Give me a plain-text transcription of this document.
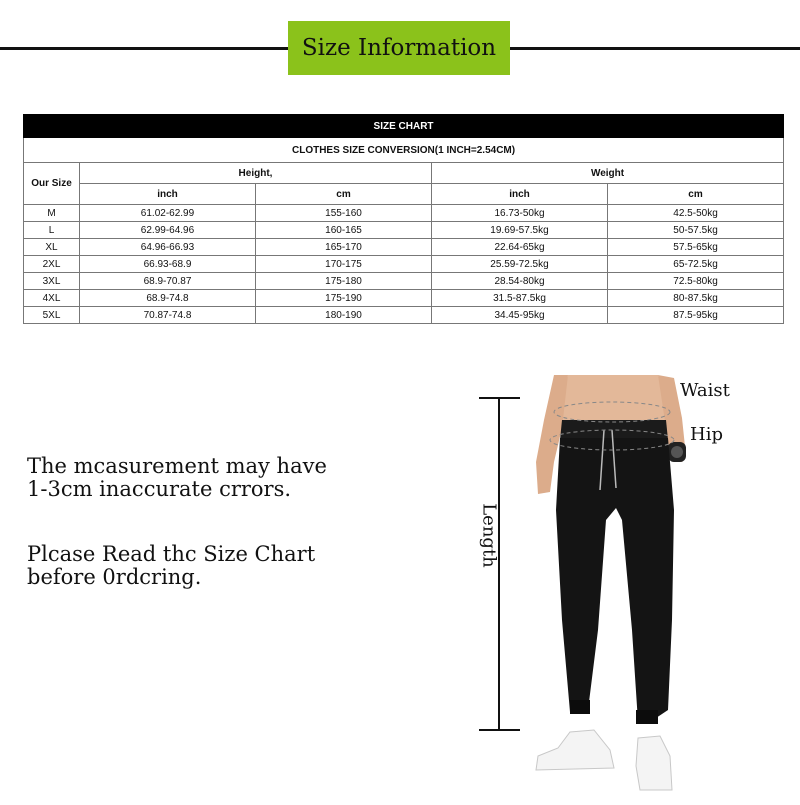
Size Information
SIZE CHART				
CLOTHES SIZE CONVERSION(1 INCH=2.54CM)				
Our Size	Height,		Weight	
	inch	cm	inch	cm
M	61.02-62.99	155-160	16.73-50kg	42.5-50kg
L	62.99-64.96	160-165	19.69-57.5kg	50-57.5kg
XL	64.96-66.93	165-170	22.64-65kg	57.5-65kg
2XL	66.93-68.9	170-175	25.59-72.5kg	65-72.5kg
3XL	68.9-70.87	175-180	28.54-80kg	72.5-80kg
4XL	68.9-74.8	175-190	31.5-87.5kg	80-87.5kg
5XL	70.87-74.8	180-190	34.45-95kg	87.5-95kg
The mcasurement may have
1-3cm inaccurate crrors.
Plcase Read thc Size Chart
before 0rdcring.
Waist
Hip
Length
